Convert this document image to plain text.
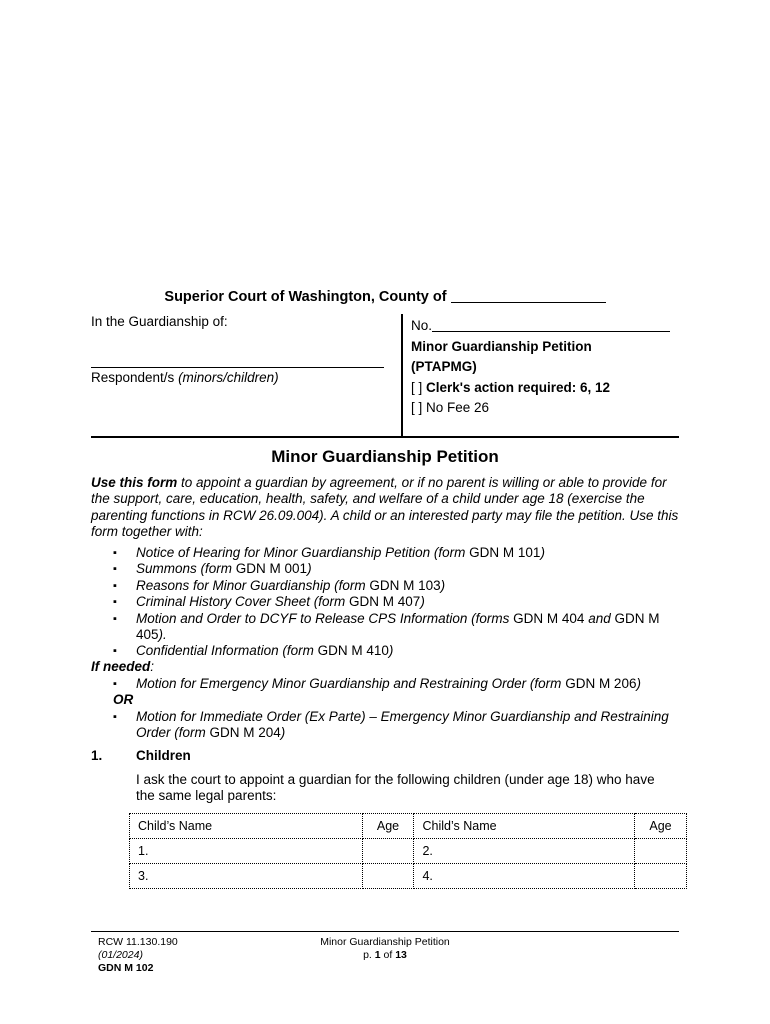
Superior Court of Washington, County of
In the Guardianship of:
Respondent/s (minors/children)
No.
Minor Guardianship Petition
(PTAPMG)
[ ] Clerk's action required: 6, 12
[ ] No Fee 26
Minor Guardianship Petition
Use this form to appoint a guardian by agreement, or if no parent is willing or able to provide for the support, care, education, health, safety, and welfare of a child under age 18 (exercise the parenting functions in RCW 26.09.004). A child or an interested party may file the petition. Use this form together with:
▪ Notice of Hearing for Minor Guardianship Petition (form GDN M 101)
▪ Summons (form GDN M 001)
▪ Reasons for Minor Guardianship (form GDN M 103)
▪ Criminal History Cover Sheet (form GDN M 407)
▪ Motion and Order to DCYF to Release CPS Information (forms GDN M 404 and GDN M 405).
▪ Confidential Information (form GDN M 410)
If needed:
▪ Motion for Emergency Minor Guardianship and Restraining Order (form GDN M 206)
OR
▪ Motion for Immediate Order (Ex Parte) – Emergency Minor Guardianship and Restraining Order (form GDN M 204)
1. Children
I ask the court to appoint a guardian for the following children (under age 18) who have the same legal parents:
Child’s Name	Age	Child’s Name	Age
1.		2.	
3.		4.	
RCW 11.130.190
(01/2024)
GDN M 102
Minor Guardianship Petition
p. 1 of 13
